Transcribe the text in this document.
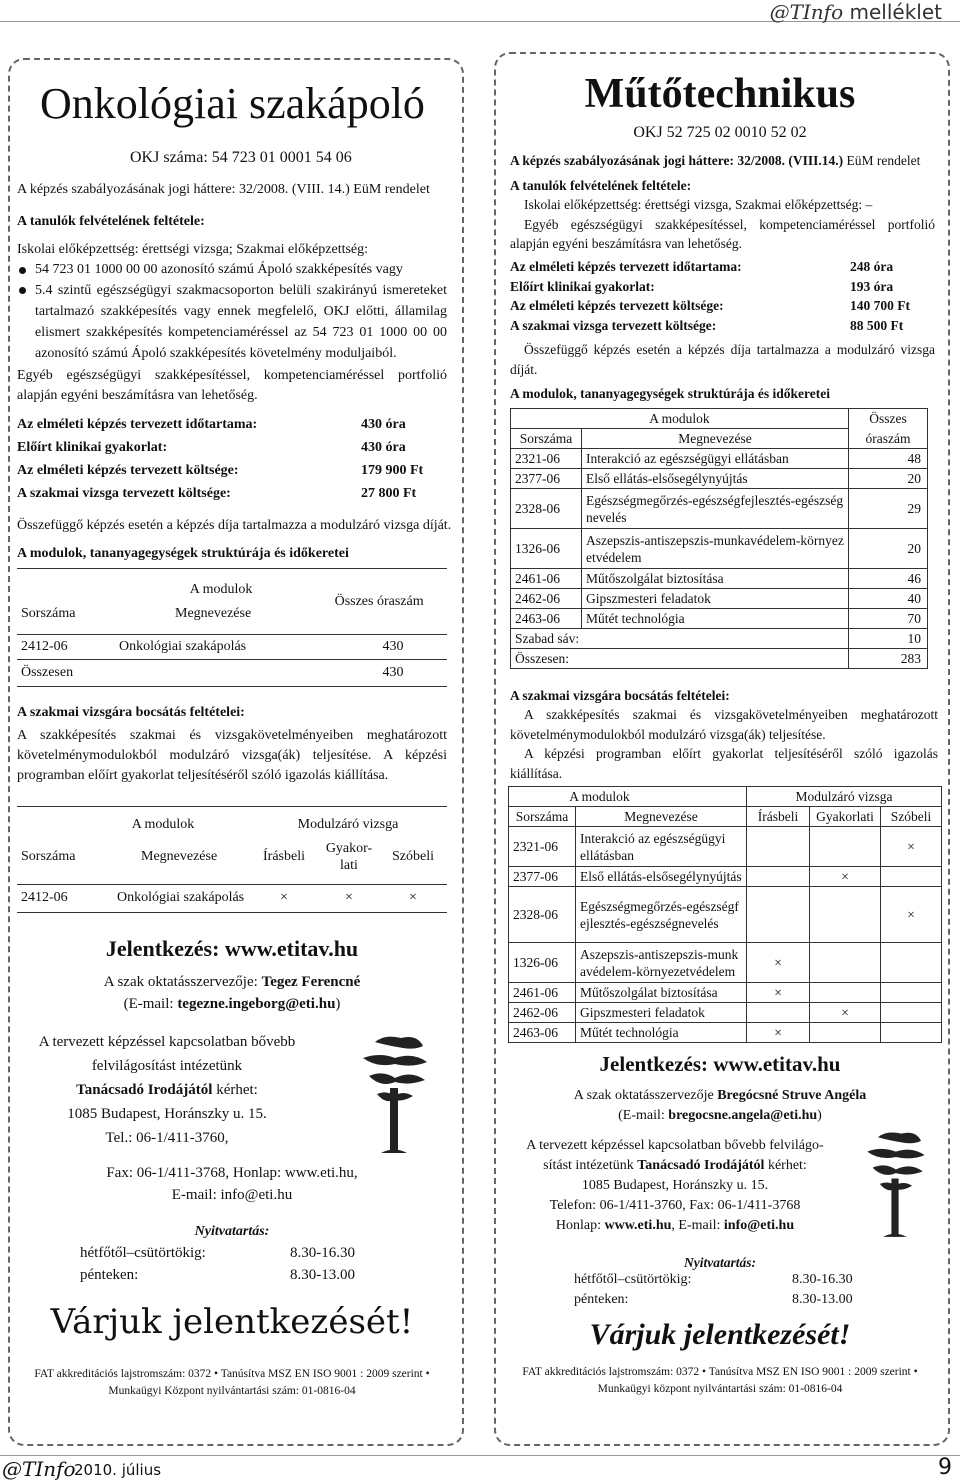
@TInfo melléklet
Onkológiai szakápoló
OKJ száma: 54 723 01 0001 54 06
A képzés szabályozásának jogi háttere: 32/2008. (VIII. 14.) EüM rendelet
A tanulók felvételének feltétele:
Iskolai előképzettség: érettségi vizsga; Szakmai előképzettség:
54 723 01 1000 00 00 azonosító számú Ápoló szakképesítés vagy
5.4 szintű egészségügyi szakmacsoporton belüli szakirányú ismereteket tartalmazó szakképesítés vagy ennek megfelelő, OKJ előtti, államilag elismert szakképesítés kompetenciaméréssel az 54 723 01 1000 00 00 azonosító számú Ápoló szakképesítés követelmény moduljaiból.
Egyéb egészségügyi szakképesítéssel, kompetenciaméréssel portfolió alapján egyéni beszámításra van lehetőség.
Az elméleti képzés tervezett időtartama:	430 óra
Előírt klinikai gyakorlat:	430 óra
Az elméleti képzés tervezett költsége:	179 900 Ft
A szakmai vizsga tervezett költsége:	27 800 Ft
Összefüggő képzés esetén a képzés díja tartalmazza a modulzáró vizsga díját.
A modulok, tananyagegységek struktúrája és időkeretei
	A modulok	Összes óraszám
Sorszáma	Megnevezése	
2412-06	Onkológiai szakápolás	430
Összesen	430
A szakmai vizsgára bocsátás feltételei:
A szakképesítés szakmai és vizsgakövetelményeiben meghatározott követelménymodulokból modulzáró vizsga(ák) teljesítése. A képzési programban előírt gyakorlat teljesítéséről szóló igazolás kiállítása.
	A modulok	Modulzáró vizsga		
Sorszáma	Megnevezése	Írásbeli	Gyakor-lati	Szóbeli
2412-06	Onkológiai szakápolás	×	×	×
Jelentkezés: www.etitav.hu
A szak oktatásszervezője: Tegez Ferencné
(E-mail: tegezne.ingeborg@eti.hu)
A tervezett képzéssel kapcsolatban bővebb
felvilágosítást intézetünk
Tanácsadó Irodájától kérhet:
1085 Budapest, Horánszky u. 15.
Tel.: 06-1/411-3760,
Fax: 06-1/411-3768, Honlap: www.eti.hu,
E-mail: info@eti.hu
Nyitvatartás:
hétfőtől–csütörtökig:	8.30-16.30
pénteken:	8.30-13.00
Várjuk jelentkezését!
FAT akkreditációs lajstromszám: 0372 • Tanúsítva MSZ EN ISO 9001 : 2009 szerint •
Munkaügyi Központ nyilvántartási szám: 01-0816-04
Műtőtechnikus
OKJ 52 725 02 0010 52 02
A képzés szabályozásának jogi háttere: 32/2008. (VIII.14.) EüM rendelet
A tanulók felvételének feltétele:
Iskolai előképzettség: érettségi vizsga, Szakmai előképzettség: –
Egyéb egészségügyi szakképesítéssel, kompetenciaméréssel portfolió alapján egyéni beszámításra van lehetőség.
Az elméleti képzés tervezett időtartama:	248 óra
Előírt klinikai gyakorlat:	193 óra
Az elméleti képzés tervezett költsége:	140 700 Ft
A szakmai vizsga tervezett költsége:	88 500 Ft
Összefüggő képzés esetén a képzés díja tartalmazza a modulzáró vizsga díját.
A modulok, tananyagegységek struktúrája és időkeretei
A modulok		Összes
Sorszáma	Megnevezése	óraszám
2321-06	Interakció az egészségügyi ellátásban	48
2377-06	Első ellátás-elsősegélynyújtás	20
2328-06	Egészségmegőrzés-egészségfejlesztés-egészségnevelés	29
1326-06	Aszepszis-antiszepszis-munkavédelem-környezetvédelem	20
2461-06	Műtőszolgálat biztosítása	46
2462-06	Gipszmesteri feladatok	40
2463-06	Műtét technológia	70
Szabad sáv:		10
Összesen:		283
A szakmai vizsgára bocsátás feltételei:
A szakképesítés szakmai és vizsgakövetelményeiben meghatározott követelménymodulokból modulzáró vizsga(ák) teljesítése.
A képzési programban előírt gyakorlat teljesítéséről szóló igazolás kiállítása.
A modulok		Modulzáró vizsga		
Sorszáma	Megnevezése	Írásbeli	Gyakorlati	Szóbeli
2321-06	Interakció az egészségügyi ellátásban			×
2377-06	Első ellátás-elsősegélynyújtás		×	
2328-06	Egészségmegőrzés-egészségfejlesztés-egészségnevelés			×
1326-06	Aszepszis-antiszepszis-munkavédelem-környezetvédelem	×		
2461-06	Műtőszolgálat biztosítása	×		
2462-06	Gipszmesteri feladatok		×	
2463-06	Műtét technológia	×		
Jelentkezés: www.etitav.hu
A szak oktatásszervezője Bregócsné Struve Angéla
(E-mail: bregocsne.angela@eti.hu)
A tervezett képzéssel kapcsolatban bővebb felvilágo-
sítást intézetünk Tanácsadó Irodájától kérhet:
1085 Budapest, Horánszky u. 15.
Telefon: 06-1/411-3760, Fax: 06-1/411-3768
Honlap: www.eti.hu, E-mail: info@eti.hu
Nyitvatartás:
hétfőtől–csütörtökig:	8.30-16.30
pénteken:	8.30-13.00
Várjuk jelentkezését!
FAT akkreditációs lajstromszám: 0372 • Tanúsítva MSZ EN ISO 9001 : 2009 szerint •
Munkaügyi központ nyilvántartási szám: 01-0816-04
@TInfo
2010. július	9
